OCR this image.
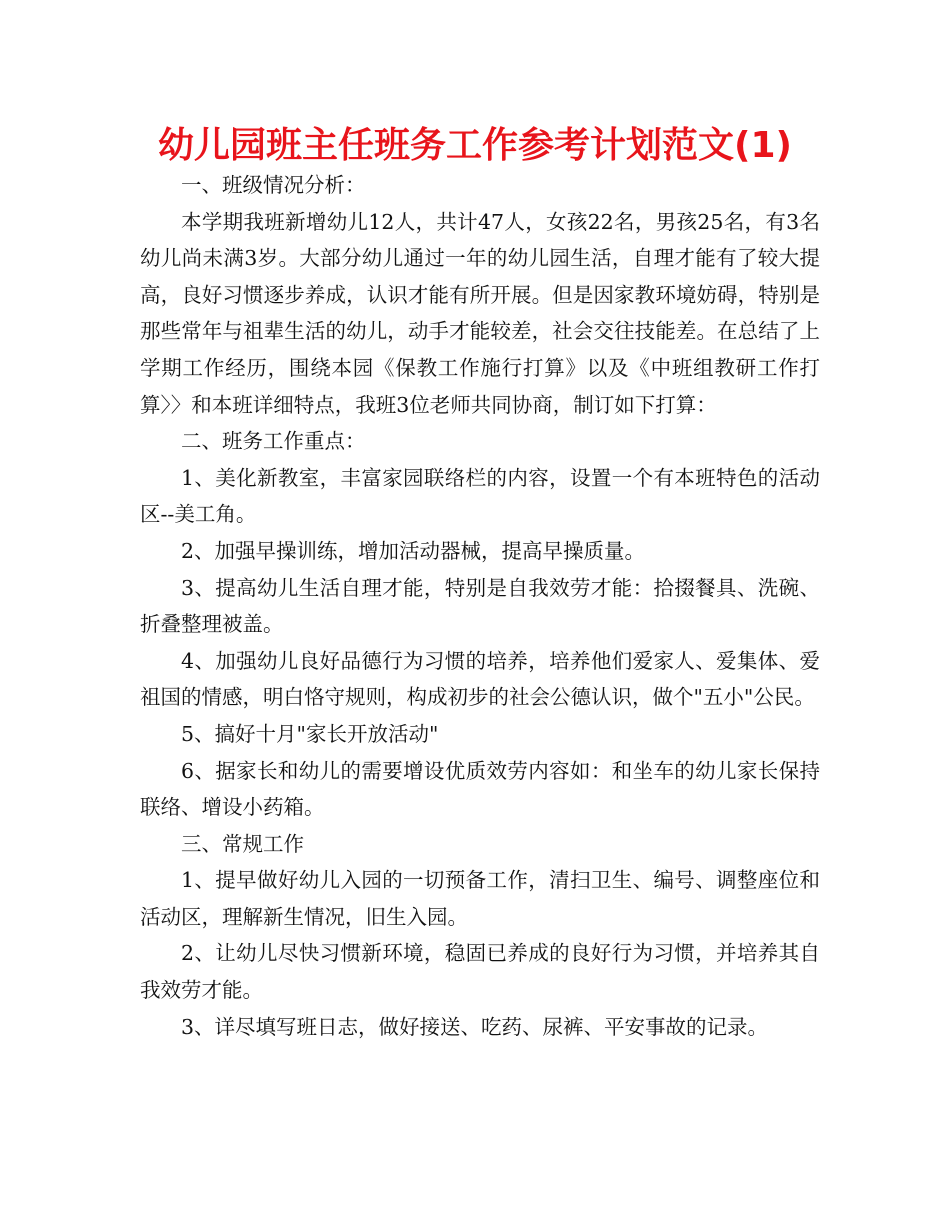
幼儿园班主任班务工作参考计划范文(1)

一、班级情况分析：

本学期我班新增幼儿12人，共计47人，女孩22名，男孩25名，有3名幼儿尚未满3岁。大部分幼儿通过一年的幼儿园生活，自理才能有了较大提高，良好习惯逐步养成，认识才能有所开展。但是因家教环境妨碍，特别是那些常年与祖辈生活的幼儿，动手才能较差，社会交往技能差。在总结了上学期工作经历，围绕本园《保教工作施行打算》以及《中班组教研工作打算〉〉和本班详细特点，我班3位老师共同协商，制订如下打算：

二、班务工作重点：

1、美化新教室，丰富家园联络栏的内容，设置一个有本班特色的活动区--美工角。

2、加强早操训练，增加活动器械，提高早操质量。

3、提高幼儿生活自理才能，特别是自我效劳才能：拾掇餐具、洗碗、折叠整理被盖。

4、加强幼儿良好品德行为习惯的培养，培养他们爱家人、爱集体、爱祖国的情感，明白恪守规则，构成初步的社会公德认识，做个"五小"公民。

5、搞好十月"家长开放活动"

6、据家长和幼儿的需要增设优质效劳内容如：和坐车的幼儿家长保持联络、增设小药箱。

三、常规工作

1、提早做好幼儿入园的一切预备工作，清扫卫生、编号、调整座位和活动区，理解新生情况，旧生入园。

2、让幼儿尽快习惯新环境，稳固已养成的良好行为习惯，并培养其自我效劳才能。

3、详尽填写班日志，做好接送、吃药、尿裤、平安事故的记录。
